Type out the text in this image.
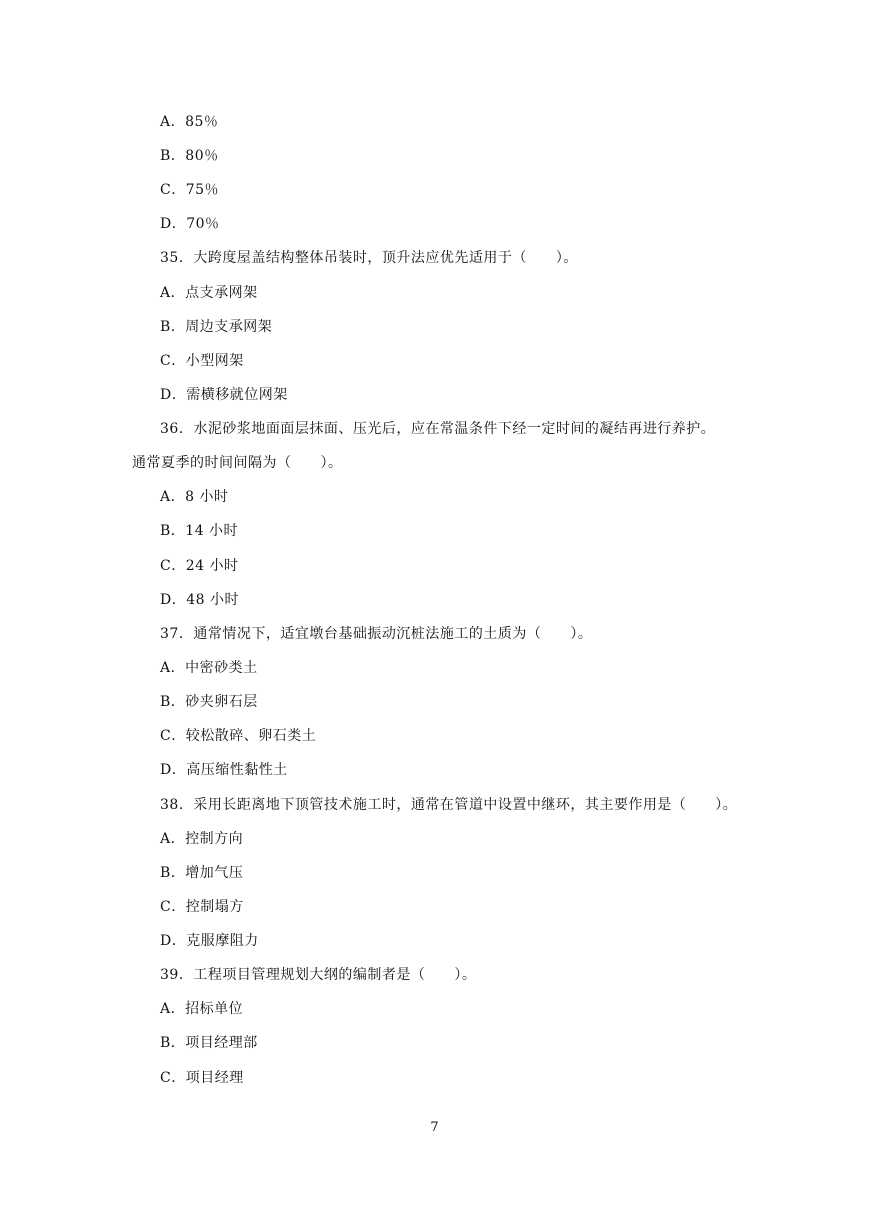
A．85％
B．80％
C．75％
D．70％
35．大跨度屋盖结构整体吊装时，顶升法应优先适用于（　　）。
A．点支承网架
B．周边支承网架
C．小型网架
D．需横移就位网架
36．水泥砂浆地面面层抹面、压光后，应在常温条件下经一定时间的凝结再进行养护。
通常夏季的时间间隔为（　　）。
A．8 小时
B．14 小时
C．24 小时
D．48 小时
37．通常情况下，适宜墩台基础振动沉桩法施工的土质为（　　）。
A．中密砂类土
B．砂夹卵石层
C．较松散碎、卵石类土
D．高压缩性黏性土
38．采用长距离地下顶管技术施工时，通常在管道中设置中继环，其主要作用是（　　）。
A．控制方向
B．增加气压
C．控制塌方
D．克服摩阻力
39．工程项目管理规划大纲的编制者是（　　）。
A．招标单位
B．项目经理部
C．项目经理
7
